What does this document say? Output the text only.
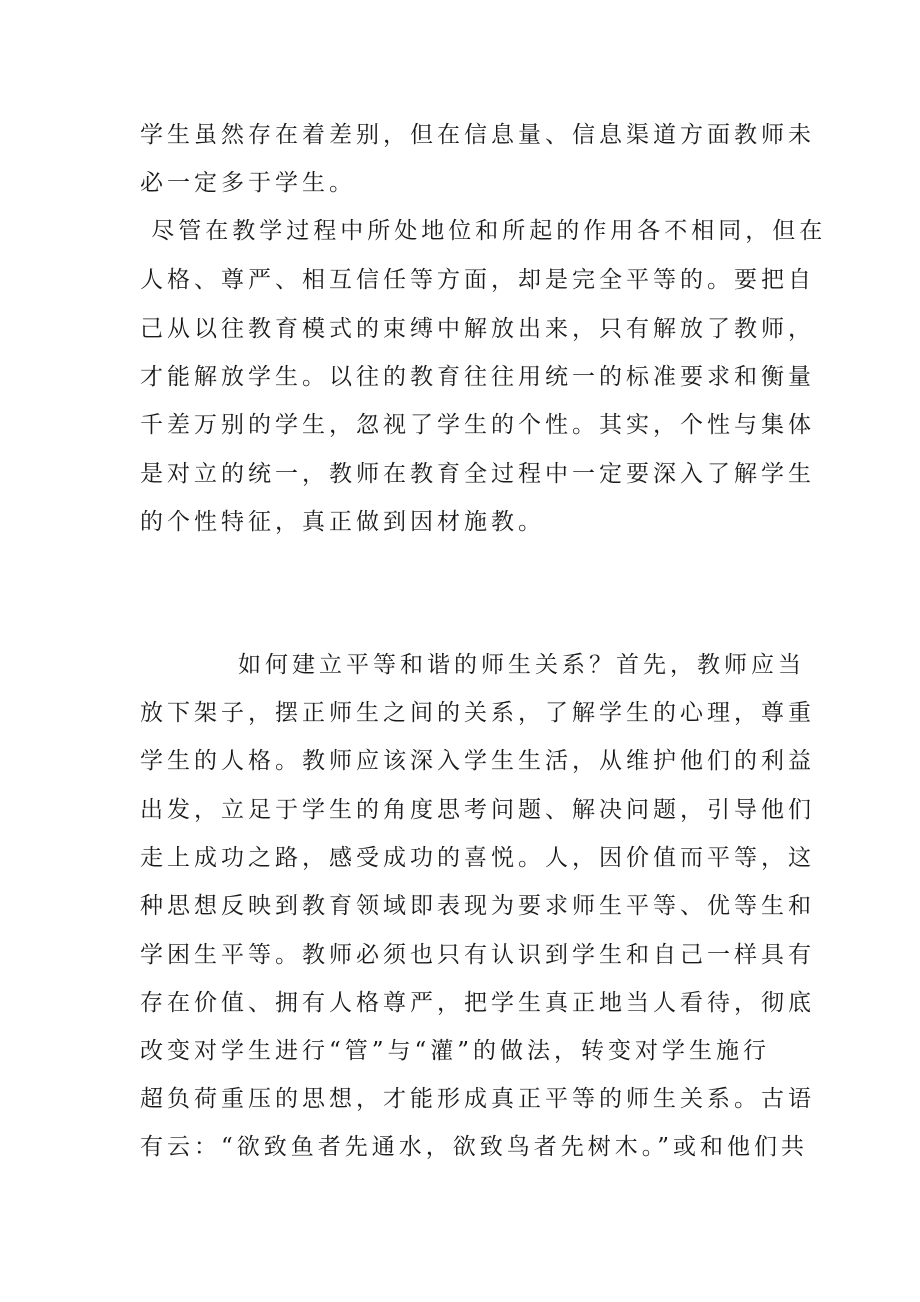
学生虽然存在着差别，但在信息量、信息渠道方面教师未
必一定多于学生。
尽管在教学过程中所处地位和所起的作用各不相同，但在
人格、尊严、相互信任等方面，却是完全平等的。要把自
己从以往教育模式的束缚中解放出来，只有解放了教师，
才能解放学生。以往的教育往往用统一的标准要求和衡量
千差万别的学生，忽视了学生的个性。其实，个性与集体
是对立的统一，教师在教育全过程中一定要深入了解学生
的个性特征，真正做到因材施教。
如何建立平等和谐的师生关系？首先，教师应当
放下架子，摆正师生之间的关系，了解学生的心理，尊重
学生的人格。教师应该深入学生生活，从维护他们的利益
出发，立足于学生的角度思考问题、解决问题，引导他们
走上成功之路，感受成功的喜悦。人，因价值而平等，这
种思想反映到教育领域即表现为要求师生平等、优等生和
学困生平等。教师必须也只有认识到学生和自己一样具有
存在价值、拥有人格尊严，把学生真正地当人看待，彻底
改变对学生进行“管”与“灌”的做法，转变对学生施行
超负荷重压的思想，才能形成真正平等的师生关系。古语
有云：“欲致鱼者先通水，欲致鸟者先树木。”或和他们共
